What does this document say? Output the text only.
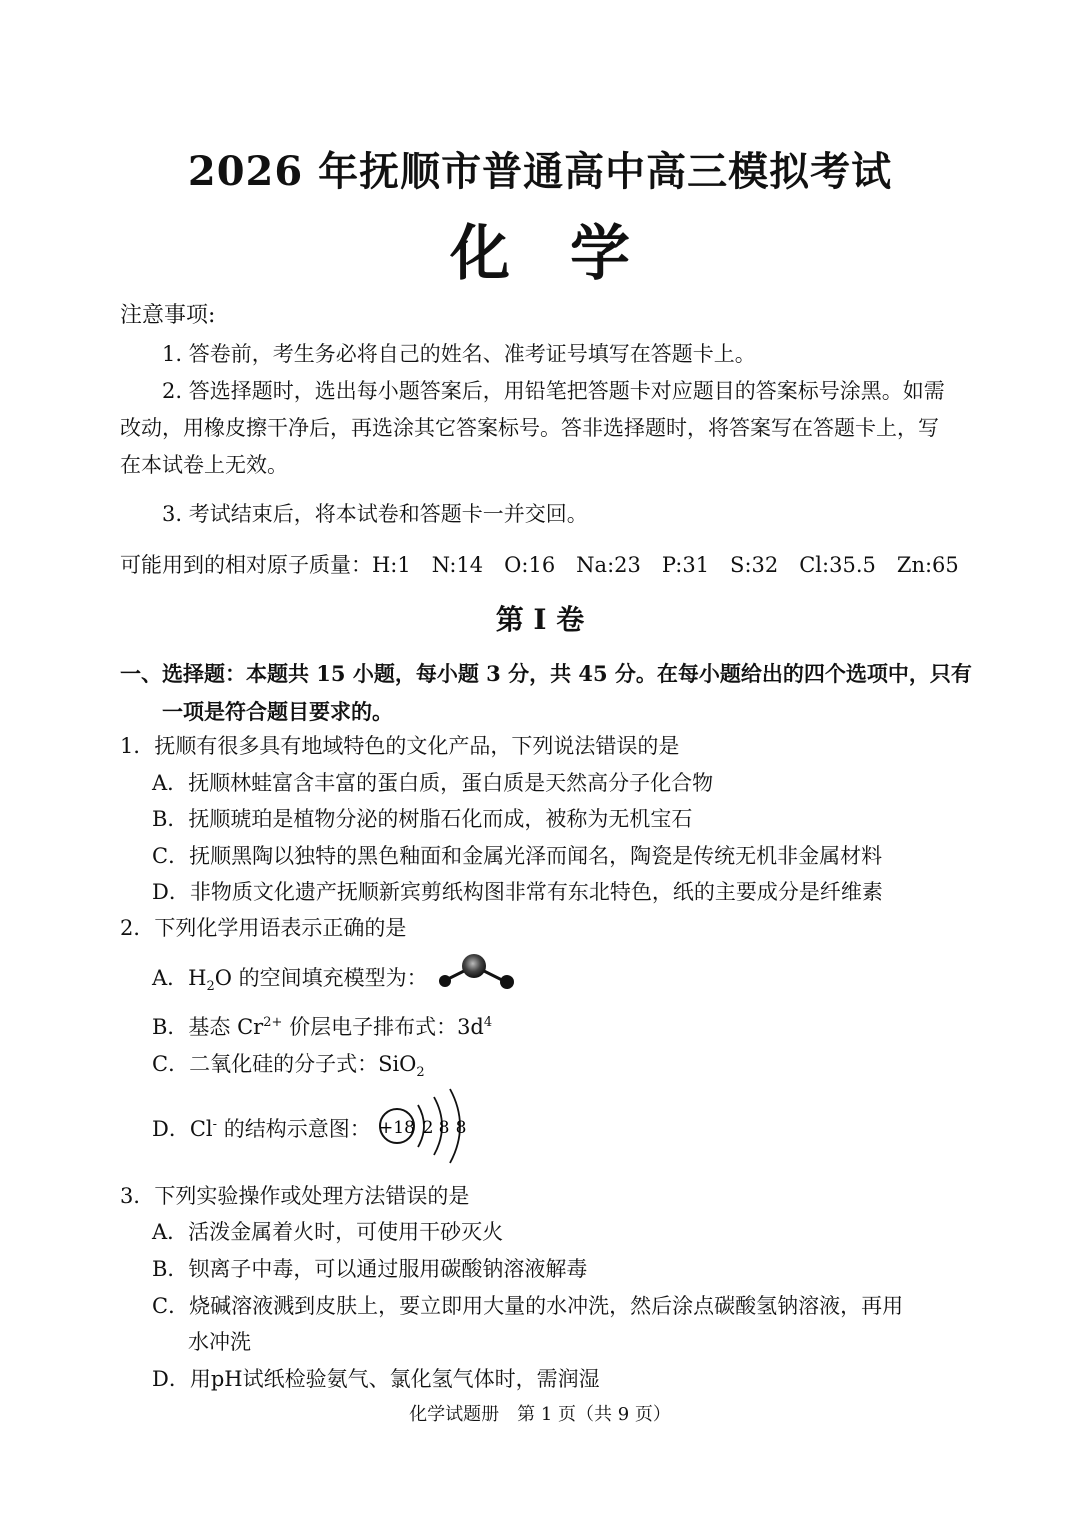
2026 年抚顺市普通高中高三模拟考试
化学
注意事项:
1. 答卷前，考生务必将自己的姓名、准考证号填写在答题卡上。
2. 答选择题时，选出每小题答案后，用铅笔把答题卡对应题目的答案标号涂黑。如需
改动，用橡皮擦干净后，再选涂其它答案标号。答非选择题时，将答案写在答题卡上，写
在本试卷上无效。
3. 考试结束后，将本试卷和答题卡一并交回。
可能用到的相对原子质量：H:1　N:14　O:16　Na:23　P:31　S:32　Cl:35.5　Zn:65
第 I 卷
一、选择题：本题共 15 小题，每小题 3 分，共 45 分。在每小题给出的四个选项中，只有
一项是符合题目要求的。
1．抚顺有很多具有地域特色的文化产品，下列说法错误的是
A．抚顺林蛙富含丰富的蛋白质，蛋白质是天然高分子化合物
B．抚顺琥珀是植物分泌的树脂石化而成，被称为无机宝石
C．抚顺黑陶以独特的黑色釉面和金属光泽而闻名，陶瓷是传统无机非金属材料
D．非物质文化遗产抚顺新宾剪纸构图非常有东北特色，纸的主要成分是纤维素
2．下列化学用语表示正确的是
A．$H_2O$ 的空间填充模型为：
B．基态 $Cr^{2+}$ 价层电子排布式：$3d^4$
C．二氧化硅的分子式：SiO$_2$
D．Cl- 的结构示意图： +18 2 8 8
3．下列实验操作或处理方法错误的是
A．活泼金属着火时，可使用干砂灭火
B．钡离子中毒，可以通过服用碳酸钠溶液解毒
C．烧碱溶液溅到皮肤上，要立即用大量的水冲洗，然后涂点碳酸氢钠溶液，再用
水冲洗
D．用pH试纸检验氨气、氯化氢气体时，需润湿
化学试题册　第 1 页（共 9 页）
